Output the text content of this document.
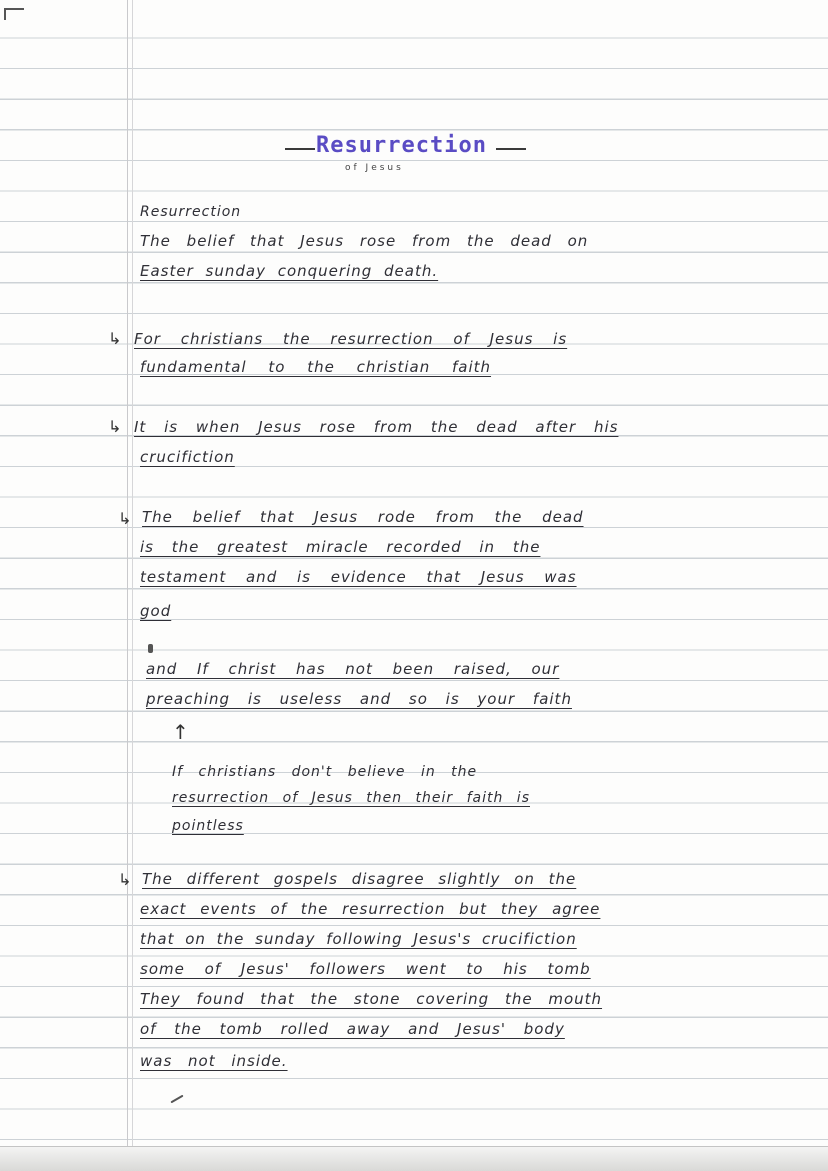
Resurrection
of Jesus
Resurrection
The belief that Jesus rose from the dead on
Easter sunday conquering death.
↳ For christians the resurrection of Jesus is
fundamental to the christian faith
↳ It is when Jesus rose from the dead after his
crucifiction
↳ The belief that Jesus rode from the dead
is the greatest miracle recorded in the
testament and is evidence that Jesus was
god
and If christ has not been raised, our
preaching is useless and so is your faith
↑
If christians don't believe in the
resurrection of Jesus then their faith is
pointless
↳ The different gospels disagree slightly on the
exact events of the resurrection but they agree
that on the sunday following Jesus's crucifiction
some of Jesus' followers went to his tomb
They found that the stone covering the mouth
of the tomb rolled away and Jesus' body
was not inside.
